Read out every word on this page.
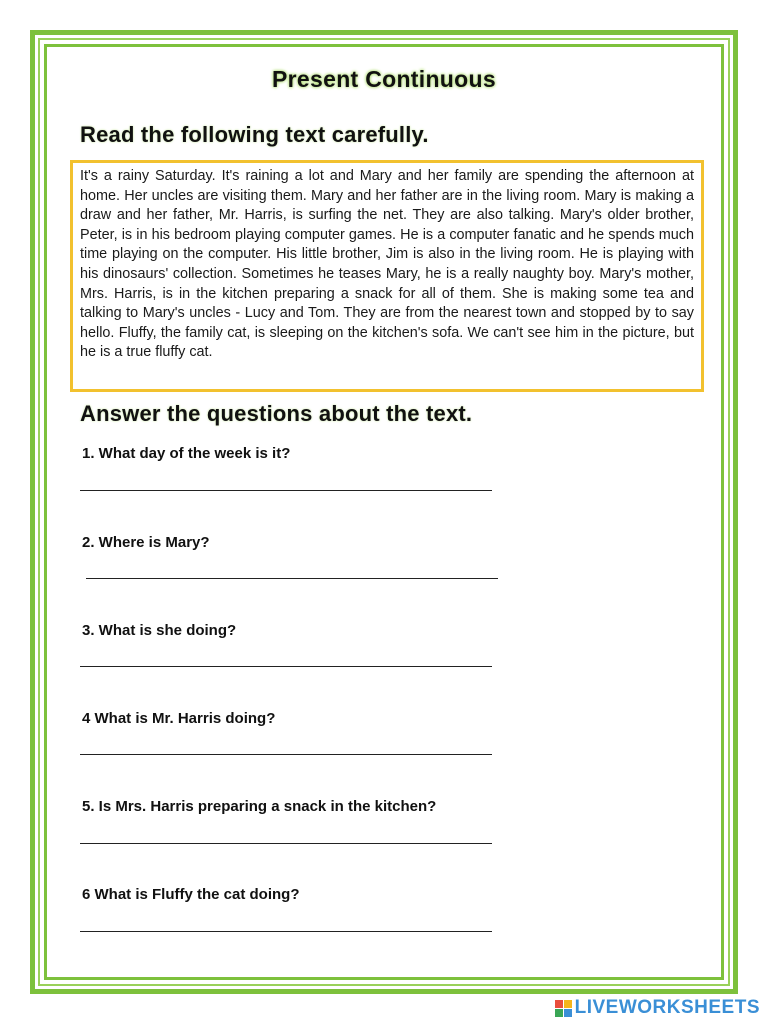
Present Continuous
Read the following text carefully.

It's a rainy Saturday. It's raining a lot and Mary and her family are spending the afternoon at home. Her uncles are visiting them. Mary and her father are in the living room. Mary is making a draw and her father, Mr. Harris, is surfing the net. They are also talking. Mary's older brother, Peter, is in his bedroom playing computer games. He is a computer fanatic and he spends much time playing on the computer. His little brother, Jim is also in the living room. He is playing with his dinosaurs' collection. Sometimes he teases Mary, he is a really naughty boy. Mary's mother, Mrs. Harris, is in the kitchen preparing a snack for all of them. She is making some tea and talking to Mary's uncles - Lucy and Tom. They are from the nearest town and stopped by to say hello. Fluffy, the family cat, is sleeping on the kitchen's sofa. We can't see him in the picture, but he is a true fluffy cat.

Answer the questions about the text.

1. What day of the week is it?

2. Where is Mary?

3. What is she doing?

4 What is Mr. Harris doing?

5. Is Mrs. Harris preparing a snack in the kitchen?

6 What is Fluffy the cat doing?

LIVEWORKSHEETS
